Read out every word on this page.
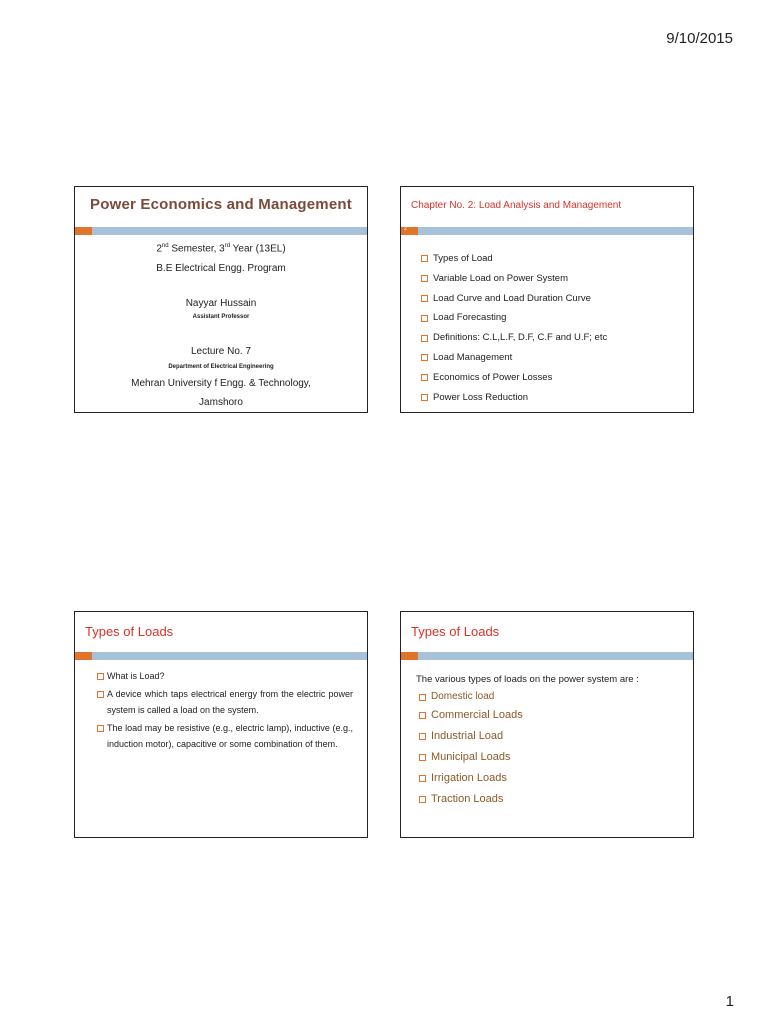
9/10/2015
Power Economics and Management
2nd Semester, 3rd Year (13EL)
B.E Electrical Engg. Program
Nayyar Hussain
Assistant Professor
Lecture No. 7
Department of Electrical Engineering
Mehran University f Engg. & Technology,
Jamshoro
Chapter No. 2: Load Analysis and Management
2
Types of Load
Variable Load on Power System
Load Curve and Load Duration Curve
Load Forecasting
Definitions: C.L,L.F, D.F, C.F and U.F; etc
Load Management
Economics of Power Losses
Power Loss Reduction
Types of Loads
What is Load?
A device which taps electrical energy from the electric power system is called a load on the system.
The load may be resistive (e.g., electric lamp), inductive (e.g., induction motor), capacitive or some combination of them.
Types of Loads
The various types of loads on the power system are :
Domestic load
Commercial Loads
Industrial Load
Municipal Loads
Irrigation Loads
Traction Loads
1
